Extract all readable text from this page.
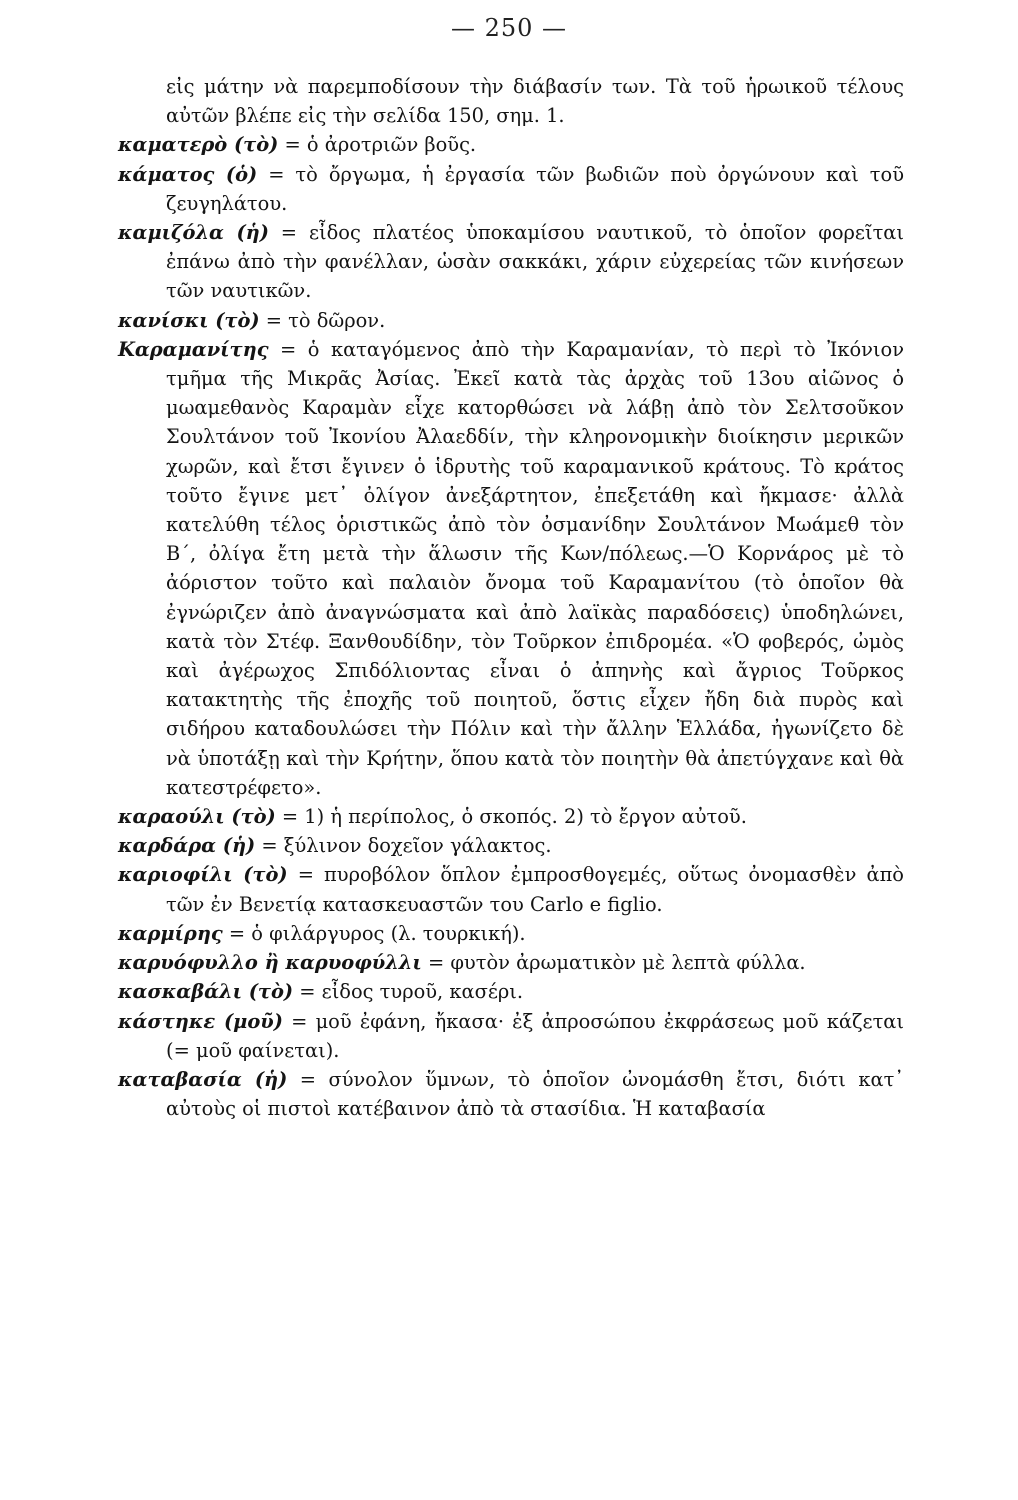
— 250 —

εἰς μάτην νὰ παρεμποδίσουν τὴν διάβασίν των. Τὰ τοῦ ἡρωικοῦ τέλους αὐτῶν βλέπε εἰς τὴν σελίδα 150, σημ. 1.

καματερὸ (τὸ) = ὁ ἀροτριῶν βοῦς.

κάματος (ὁ) = τὸ ὄργωμα, ἡ ἐργασία τῶν βωδιῶν ποὺ ὀργώνουν καὶ τοῦ ζευγηλάτου.

καμιζόλα (ἡ) = εἶδος πλατέος ὑποκαμίσου ναυτικοῦ, τὸ ὁποῖον φορεῖται ἐπάνω ἀπὸ τὴν φανέλλαν, ὡσὰν σακκάκι, χάριν εὐχερείας τῶν κινήσεων τῶν ναυτικῶν.

κανίσκι (τὸ) = τὸ δῶρον.

Καραμανίτης = ὁ καταγόμενος ἀπὸ τὴν Καραμανίαν, τὸ περὶ τὸ Ἰκόνιον τμῆμα τῆς Μικρᾶς Ἀσίας. Ἐκεῖ κατὰ τὰς ἀρχὰς τοῦ 13ου αἰῶνος ὁ μωαμεθανὸς Καραμὰν εἶχε κατορθώσει νὰ λάβῃ ἀπὸ τὸν Σελτσοῦκον Σουλτάνον τοῦ Ἰκονίου Ἀλαεδδίν, τὴν κληρονομικὴν διοίκησιν μερικῶν χωρῶν, καὶ ἔτσι ἔγινεν ὁ ἱδρυτὴς τοῦ καραμανικοῦ κράτους. Τὸ κράτος τοῦτο ἔγινε μετ᾽ ὀλίγον ἀνεξάρτητον, ἐπεξετάθη καὶ ἤκμασε· ἀλλὰ κατελύθη τέλος ὁριστικῶς ἀπὸ τὸν ὀσμανίδην Σουλτάνον Μωάμεθ τὸν Β΄, ὀλίγα ἔτη μετὰ τὴν ἅλωσιν τῆς Κων/πόλεως.—Ὁ Κορνάρος μὲ τὸ ἀόριστον τοῦτο καὶ παλαιὸν ὄνομα τοῦ Καραμανίτου (τὸ ὁποῖον θὰ ἐγνώριζεν ἀπὸ ἀναγνώσματα καὶ ἀπὸ λαϊκὰς παραδόσεις) ὑποδηλώνει, κατὰ τὸν Στέφ. Ξανθουδίδην, τὸν Τοῦρκον ἐπιδρομέα. «Ὁ φοβερός, ὠμὸς καὶ ἀγέρωχος Σπιδόλιοντας εἶναι ὁ ἀπηνὴς καὶ ἄγριος Τοῦρκος κατακτητὴς τῆς ἐποχῆς τοῦ ποιητοῦ, ὅστις εἶχεν ἤδη διὰ πυρὸς καὶ σιδήρου καταδουλώσει τὴν Πόλιν καὶ τὴν ἄλλην Ἑλλάδα, ἠγωνίζετο δὲ νὰ ὑποτάξῃ καὶ τὴν Κρήτην, ὅπου κατὰ τὸν ποιητὴν θὰ ἀπετύγχανε καὶ θὰ κατεστρέφετο».

καραούλι (τὸ) = 1) ἡ περίπολος, ὁ σκοπός. 2) τὸ ἔργον αὐτοῦ.

καρδάρα (ἡ) = ξύλινον δοχεῖον γάλακτος.

καριοφίλι (τὸ) = πυροβόλον ὅπλον ἐμπροσθογεμές, οὕτως ὀνομασθὲν ἀπὸ τῶν ἐν Βενετίᾳ κατασκευαστῶν του Carlo e figlio.

καρμίρης = ὁ φιλάργυρος (λ. τουρκική).

καρυόφυλλο ἢ καρυοφύλλι = φυτὸν ἀρωματικὸν μὲ λεπτὰ φύλλα.

κασκαβάλι (τὸ) = εἶδος τυροῦ, κασέρι.

κάστηκε (μοῦ) = μοῦ ἐφάνη, ἤκασα· ἐξ ἀπροσώπου ἐκφράσεως μοῦ κάζεται (= μοῦ φαίνεται).

καταβασία (ἡ) = σύνολον ὕμνων, τὸ ὁποῖον ὠνομάσθη ἔτσι, διότι κατ᾽ αὐτοὺς οἱ πιστοὶ κατέβαινον ἀπὸ τὰ στασίδια. Ἡ καταβασία
